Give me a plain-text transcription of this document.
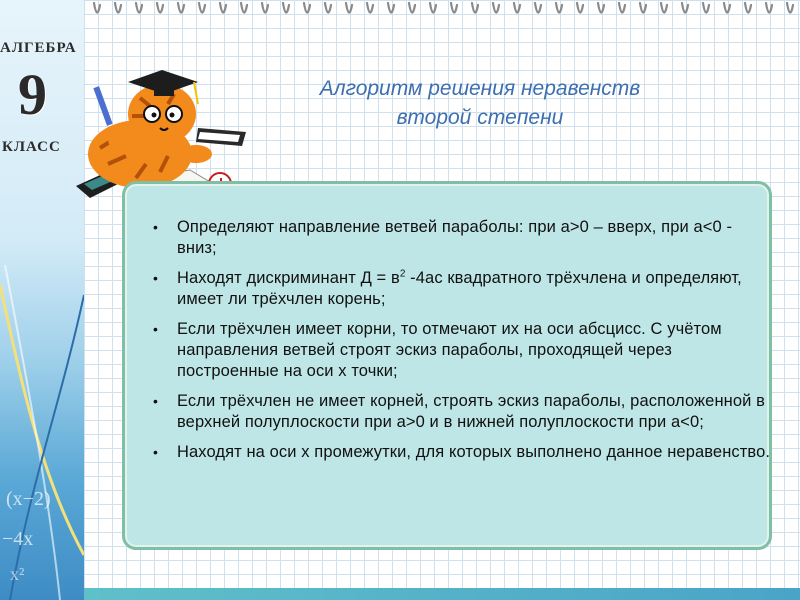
(x−2)
−4x
x²
АЛГЕБРА
9
КЛАСС
Алгоритм решения неравенств
второй степени
• Определяют направление ветвей параболы: при а>0 – вверх, при а<0 - вниз;
• Находят дискриминант $Д = в^2$ -4ас квадратного трёхчлена и определяют, имеет ли трёхчлен корень;
• Если трёхчлен имеет корни, то отмечают их на оси абсцисс. С учётом направления ветвей строят эскиз параболы, проходящей через построенные на оси х точки;
• Если трёхчлен не имеет корней, строять эскиз параболы, расположенной в верхней полуплоскости при а>0 и в нижней полуплоскости при а<0;
• Находят на оси х промежутки, для которых выполнено данное неравенство.
